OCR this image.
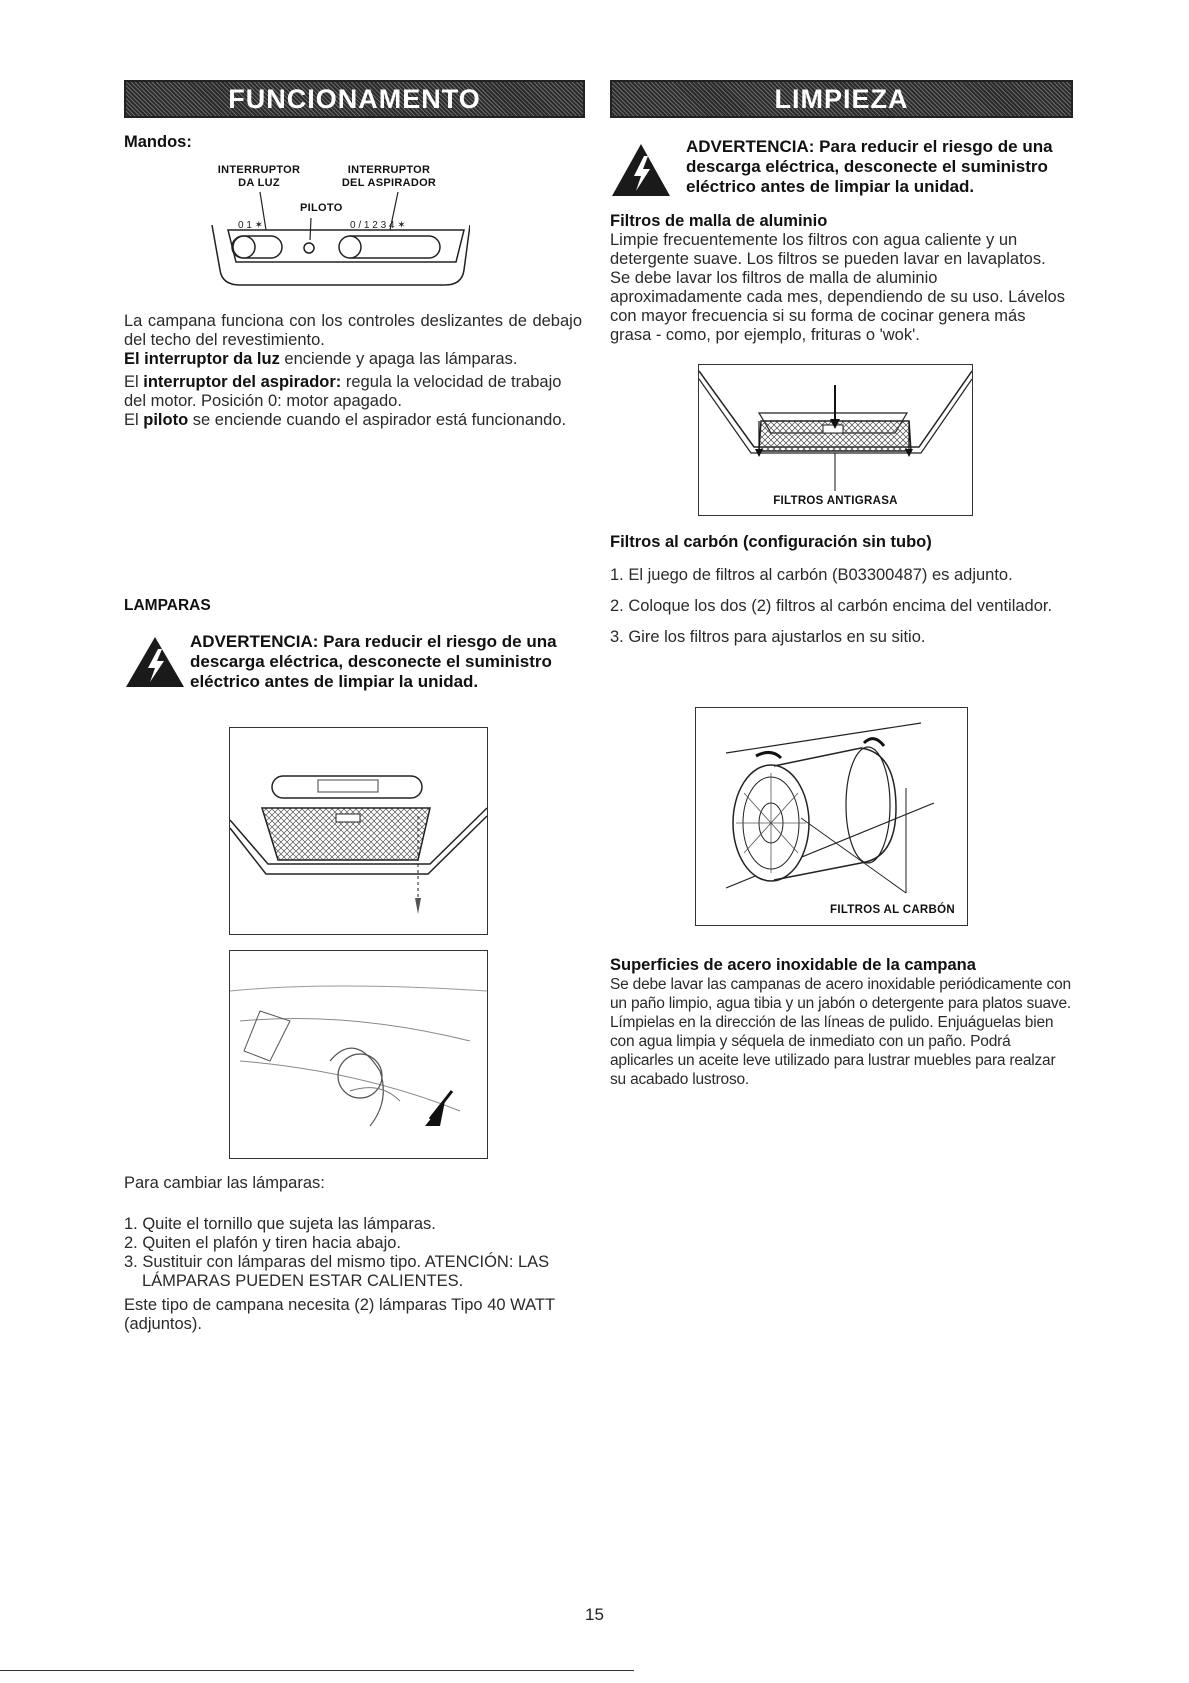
FUNCIONAMENTO
Mandos:
INTERRUPTOR
DA LUZ
INTERRUPTOR
DEL ASPIRADOR
PILOTO
0 1 ✶	0 / 1 2 3 4 ✶

La campana funciona con los controles deslizantes de debajo del techo del revestimiento.

El interruptor da luz enciende y apaga las lámparas.

El interruptor del aspirador: regula la velocidad de trabajo del motor. Posición 0: motor apagado.

El piloto se enciende cuando el aspirador está funcionando.

LAMPARAS
ADVERTENCIA: Para reducir el riesgo de una descarga eléctrica, desconecte el suministro eléctrico antes de limpiar la unidad.

Para cambiar las lámparas:

1. Quite el tornillo que sujeta las lámparas.
2. Quiten el plafón y tiren hacia abajo.
3. Sustituir con lámparas del mismo tipo. ATENCIÓN: LAS LÁMPARAS PUEDEN ESTAR CALIENTES.

Este tipo de campana necesita (2) lámparas Tipo 40 WATT (adjuntos).

LIMPIEZA
ADVERTENCIA: Para reducir el riesgo de una descarga eléctrica, desconecte el suministro eléctrico antes de limpiar la unidad.
Filtros de malla de aluminio

Limpie frecuentemente los filtros con agua caliente y un detergente suave. Los filtros se pueden lavar en lavaplatos. Se debe lavar los filtros de malla de aluminio aproximadamente cada mes, dependiendo de su uso. Lávelos con mayor frecuencia si su forma de cocinar genera más grasa - como, por ejemplo, frituras o 'wok'.

FILTROS ANTIGRASA
Filtros al carbón (configuración sin tubo)
1. El juego de filtros al carbón (B03300487) es adjunto.
2. Coloque los dos (2) filtros al carbón encima del ventilador.
3. Gire los filtros para ajustarlos en su sitio.
FILTROS AL CARBÓN
Superficies de acero inoxidable de la campana

Se debe lavar las campanas de acero inoxidable periódicamente con un paño limpio, agua tibia y un jabón o detergente para platos suave. Límpielas en la dirección de las líneas de pulido. Enjuáguelas bien con agua limpia y séquela de inmediato con un paño. Podrá aplicarles un aceite leve utilizado para lustrar muebles para realzar su acabado lustroso.

15
